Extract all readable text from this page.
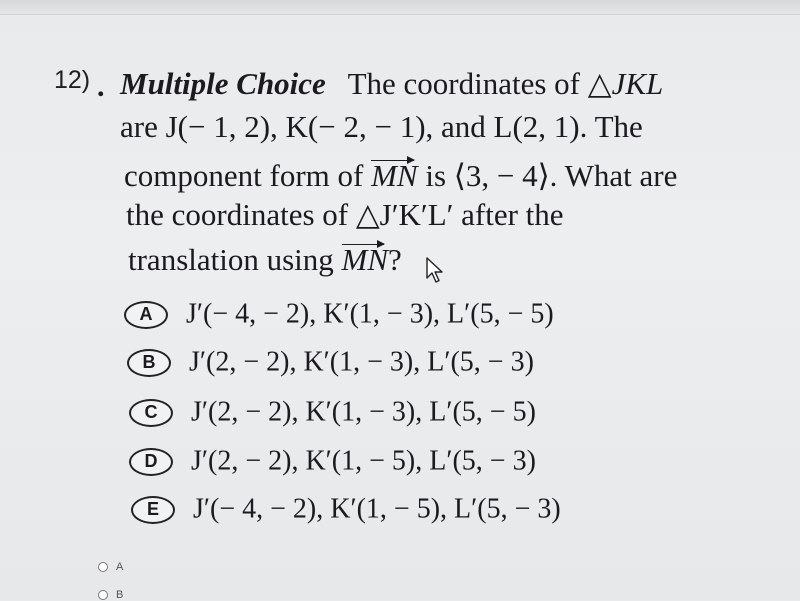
12) . Multiple Choice The coordinates of △JKL
are J(− 1, 2), K(− 2, − 1), and L(2, 1). The
component form of MN is ⟨3, − 4⟩. What are
the coordinates of △J′K′L′ after the
translation using MN?
A J′(− 4, − 2), K′(1, − 3), L′(5, − 5)
B J′(2, − 2), K′(1, − 3), L′(5, − 3)
C J′(2, − 2), K′(1, − 3), L′(5, − 5)
D J′(2, − 2), K′(1, − 5), L′(5, − 3)
E J′(− 4, − 2), K′(1, − 5), L′(5, − 3)
A
B
